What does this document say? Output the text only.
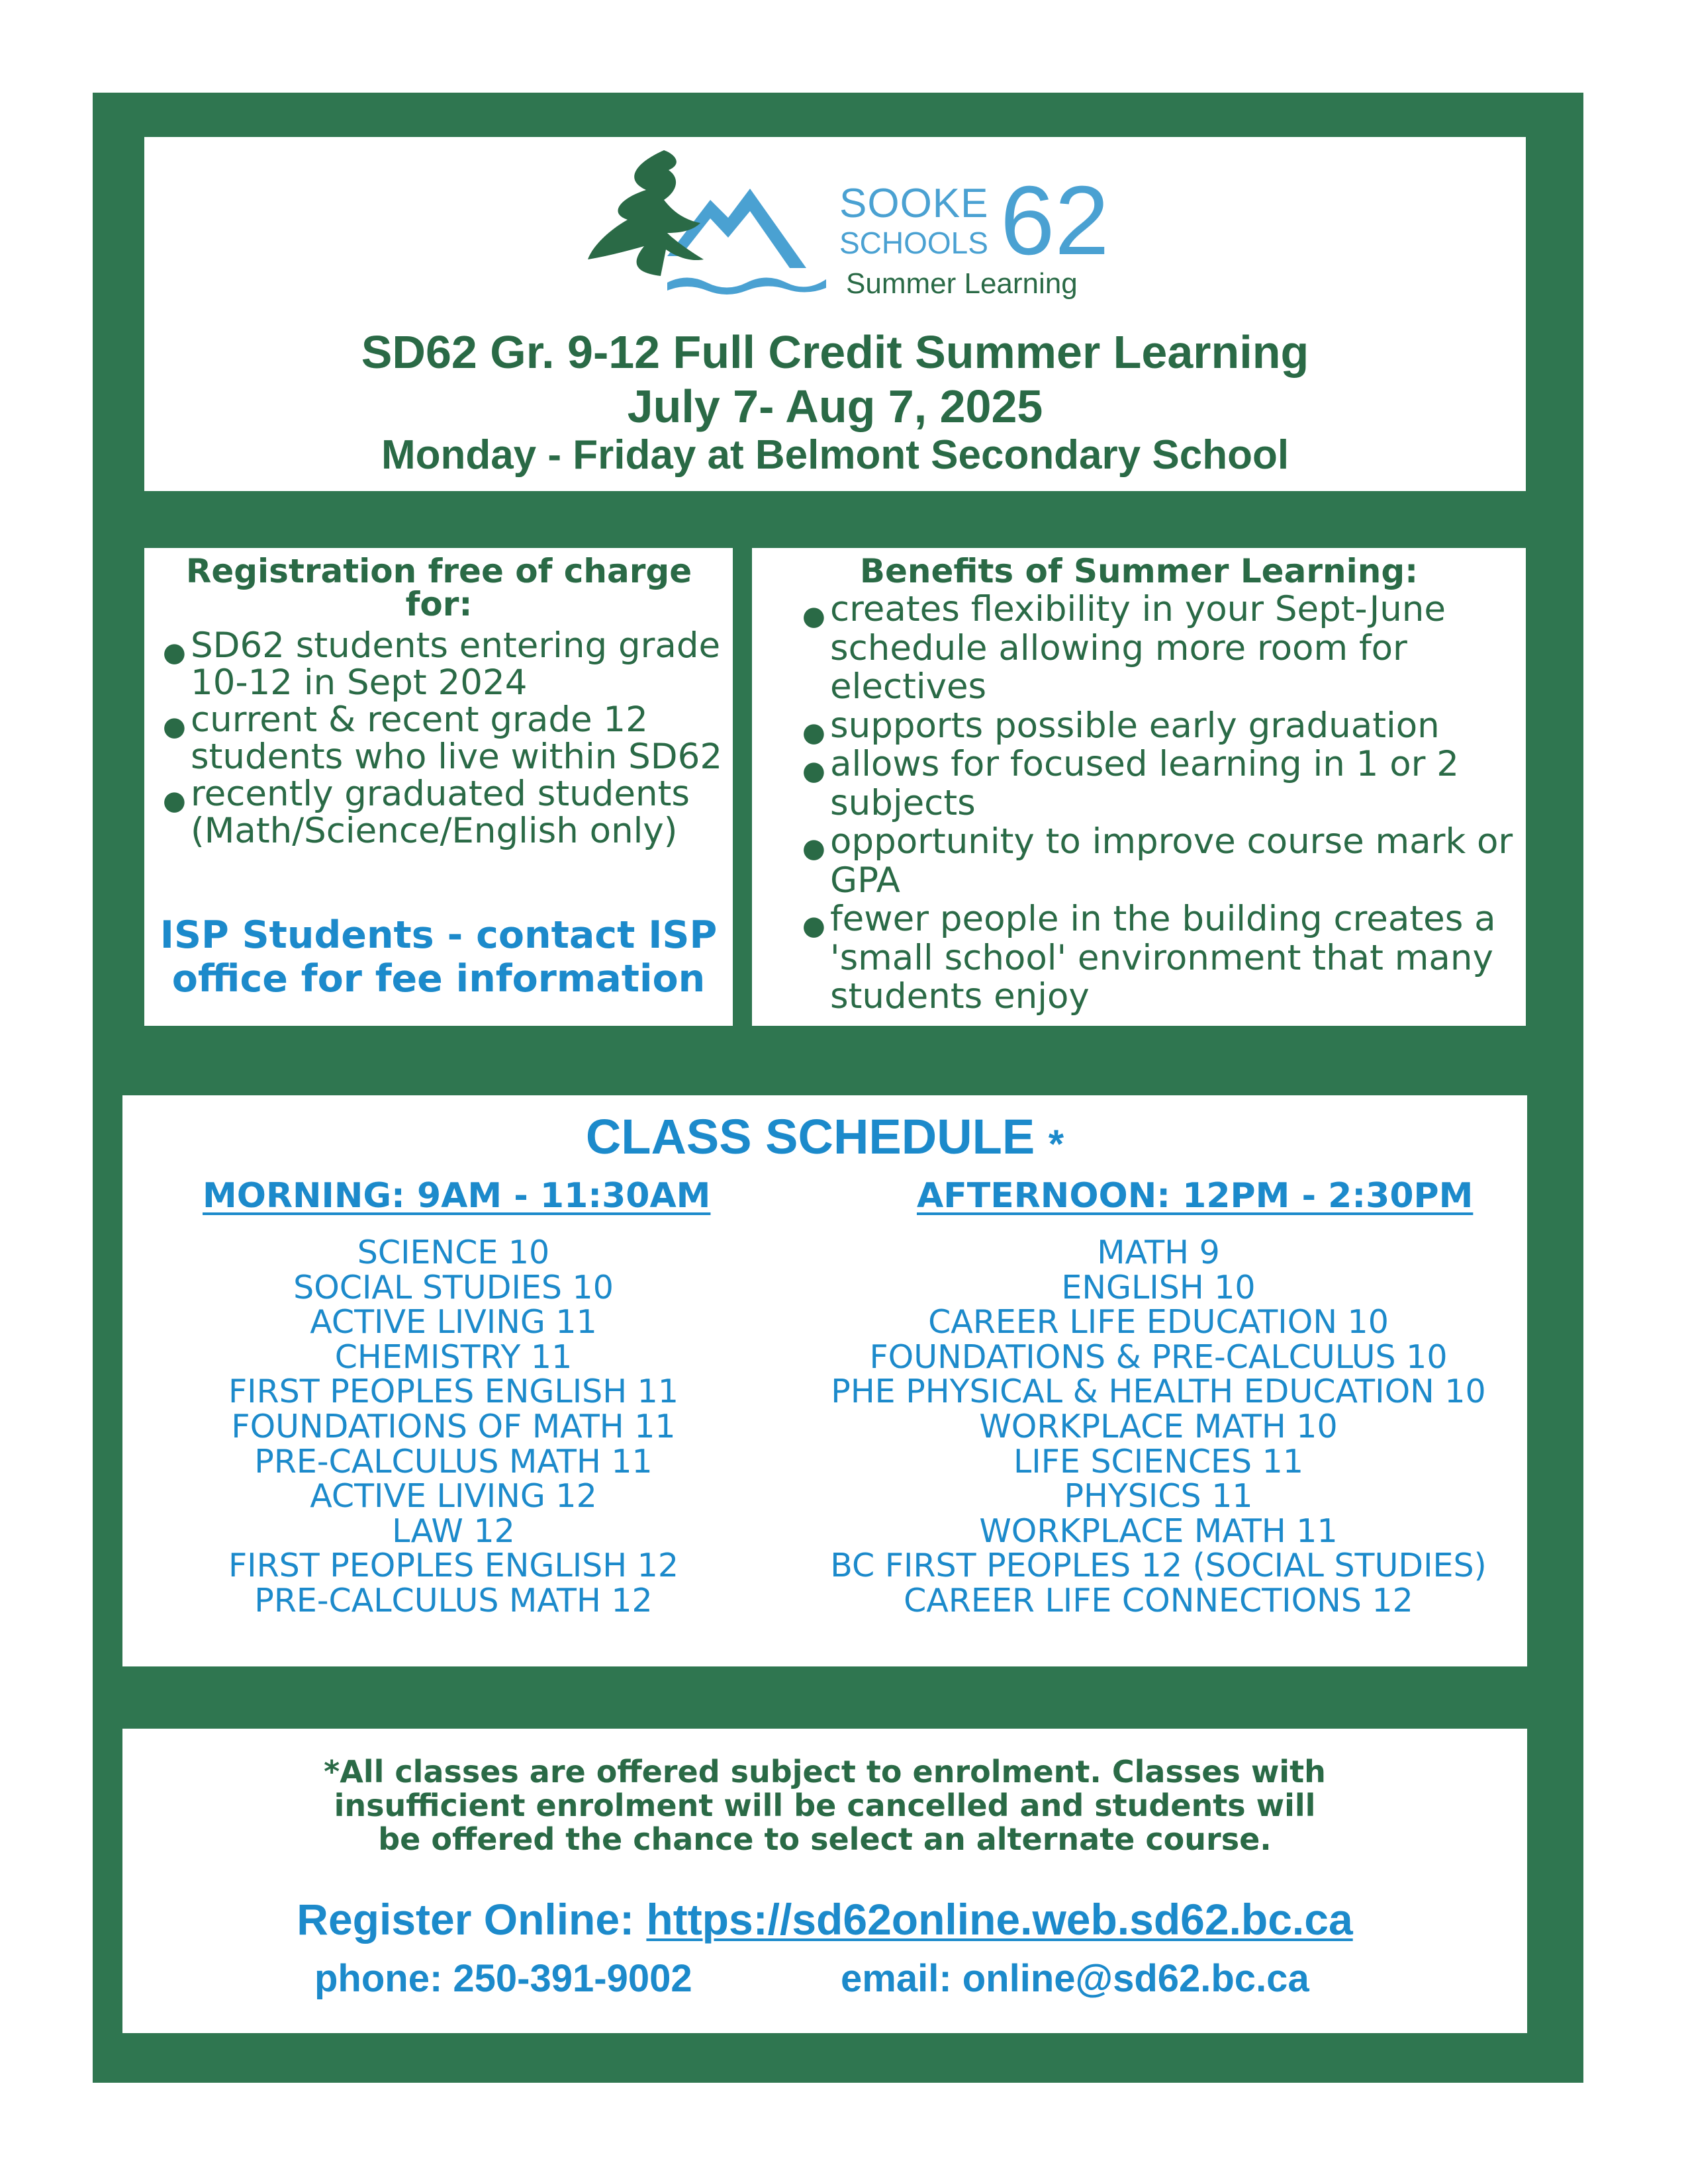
SOOKE
SCHOOLS 62
Summer Learning
SD62 Gr. 9-12 Full Credit Summer Learning
July 7- Aug 7, 2025
Monday - Friday at Belmont Secondary School

Registration free of charge for:

● SD62 students entering grade 10-12 in Sept 2024
● current & recent grade 12 students who live within SD62
● recently graduated students (Math/Science/English only)
ISP Students - contact ISP office for fee information

Benefits of Summer Learning:

● creates flexibility in your Sept-June schedule allowing more room for electives
● supports possible early graduation
● allows for focused learning in 1 or 2 subjects
● opportunity to improve course mark or GPA
● fewer people in the building creates a 'small school' environment that many students enjoy
CLASS SCHEDULE *
MORNING: 9AM - 11:30AM	AFTERNOON: 12PM - 2:30PM
SCIENCE 10
SOCIAL STUDIES 10
ACTIVE LIVING 11
CHEMISTRY 11
FIRST PEOPLES ENGLISH 11
FOUNDATIONS OF MATH 11
PRE-CALCULUS MATH 11
ACTIVE LIVING 12
LAW 12
FIRST PEOPLES ENGLISH 12
PRE-CALCULUS MATH 12
MATH 9
ENGLISH 10
CAREER LIFE EDUCATION 10
FOUNDATIONS & PRE-CALCULUS 10
PHE PHYSICAL & HEALTH EDUCATION 10
WORKPLACE MATH 10
LIFE SCIENCES 11
PHYSICS 11
WORKPLACE MATH 11
BC FIRST PEOPLES 12 (SOCIAL STUDIES)
CAREER LIFE CONNECTIONS 12
*All classes are offered subject to enrolment. Classes with insufficient enrolment will be cancelled and students will be offered the chance to select an alternate course.
Register Online: https://sd62online.web.sd62.bc.ca
phone: 250-391-9002	email: online@sd62.bc.ca
